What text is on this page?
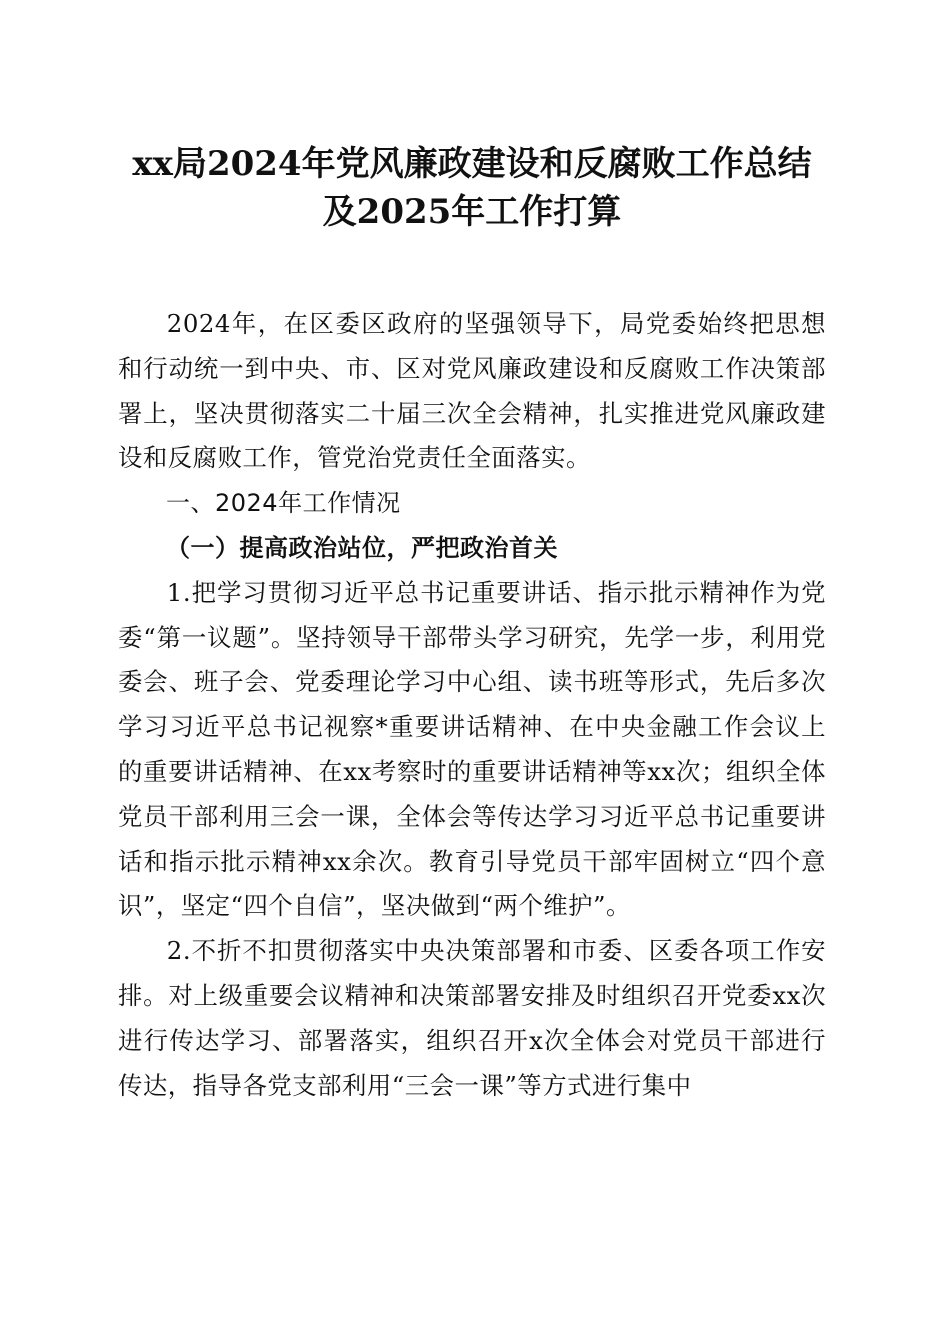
xx局2024年党风廉政建设和反腐败工作总结
及2025年工作打算

2024年，在区委区政府的坚强领导下，局党委始终把思想和行动统一到中央、市、区对党风廉政建设和反腐败工作决策部署上，坚决贯彻落实二十届三次全会精神，扎实推进党风廉政建设和反腐败工作，管党治党责任全面落实。

一、2024年工作情况

（一）提高政治站位，严把政治首关

1.把学习贯彻习近平总书记重要讲话、指示批示精神作为党委“第一议题”。坚持领导干部带头学习研究，先学一步，利用党委会、班子会、党委理论学习中心组、读书班等形式，先后多次学习习近平总书记视察*重要讲话精神、在中央金融工作会议上的重要讲话精神、在xx考察时的重要讲话精神等xx次；组织全体党员干部利用三会一课，全体会等传达学习习近平总书记重要讲话和指示批示精神xx余次。教育引导党员干部牢固树立“四个意识”，坚定“四个自信”，坚决做到“两个维护”。

2.不折不扣贯彻落实中央决策部署和市委、区委各项工作安排。对上级重要会议精神和决策部署安排及时组织召开党委xx次进行传达学习、部署落实，组织召开x次全体会对党员干部进行传达，指导各党支部利用“三会一课”等方式进行集中
